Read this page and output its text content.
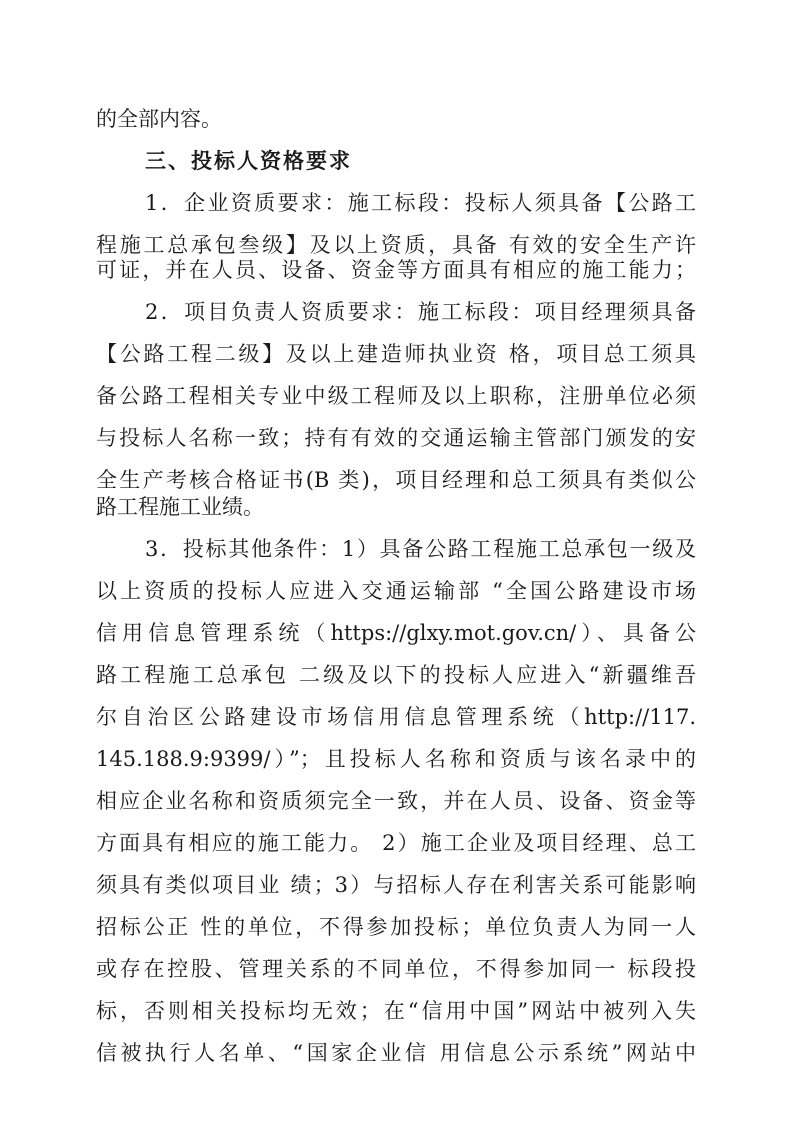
的全部内容。
三、投标人资格要求
1．企业资质要求：施工标段：投标人须具备【公路工
程施工总承包叁级】及以上资质，具备 有效的安全生产许
可证，并在人员、设备、资金等方面具有相应的施工能力；
2．项目负责人资质要求：施工标段：项目经理须具备
【公路工程二级】及以上建造师执业资 格，项目总工须具
备公路工程相关专业中级工程师及以上职称，注册单位必须
与投标人名称一致；持有有效的交通运输主管部门颁发的安
全生产考核合格证书(B 类)，项目经理和总工须具有类似公
路工程施工业绩。
3．投标其他条件：1）具备公路工程施工总承包一级及
以上资质的投标人应进入交通运输部 “全国公路建设市场
信用信息管理系统（https://glxy.mot.gov.cn/）、具备公
路工程施工总承包 二级及以下的投标人应进入“新疆维吾
尔自治区公路建设市场信用信息管理系统（http://117.
145.188.9:9399/）”；且投标人名称和资质与该名录中的
相应企业名称和资质须完全一致，并在人员、设备、资金等
方面具有相应的施工能力。 2）施工企业及项目经理、总工
须具有类似项目业 绩；3）与招标人存在利害关系可能影响
招标公正 性的单位，不得参加投标；单位负责人为同一人
或存在控股、管理关系的不同单位，不得参加同一 标段投
标，否则相关投标均无效；在“信用中国”网站中被列入失
信被执行人名单、“国家企业信 用信息公示系统”网站中
